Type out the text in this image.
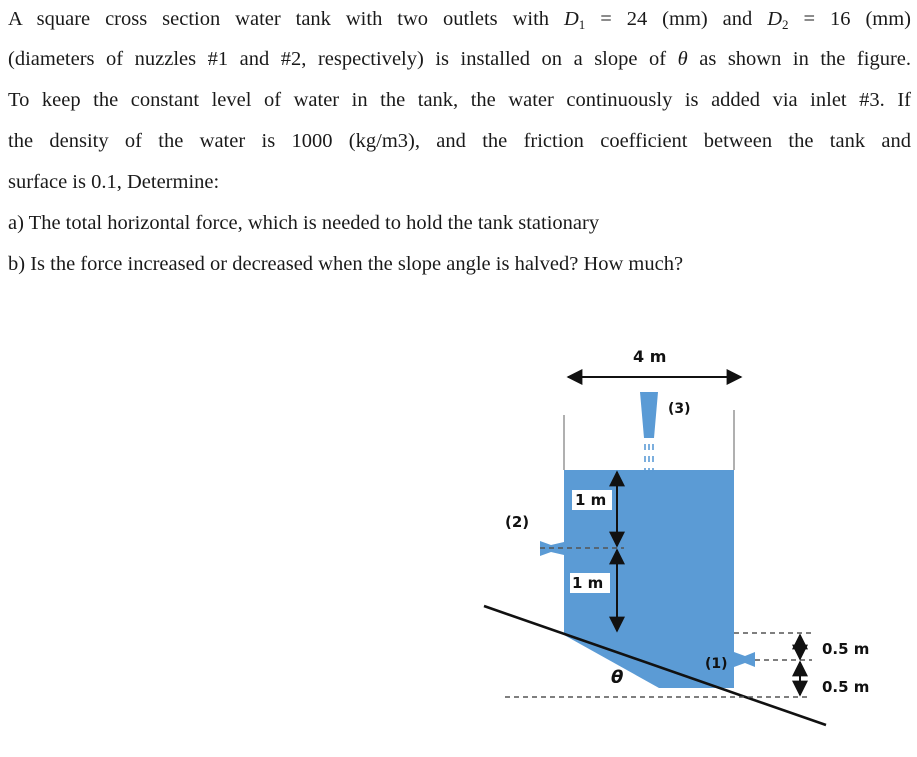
A square cross section water tank with two outlets with $D_1 = 24$ (mm) and $D_2 = 16$ (mm)
(diameters of nuzzles #1 and #2, respectively) is installed on a slope of θ as shown in the figure.
To keep the constant level of water in the tank, the water continuously is added via inlet #3. If
the density of the water is 1000 (kg/m3), and the friction coefficient between the tank and
surface is 0.1, Determine:
a) The total horizontal force, which is needed to hold the tank stationary
b) Is the force increased or decreased when the slope angle is halved? How much?
4 m
(3)
1 m
1 m
(2)
(1)
θ
0.5 m
0.5 m
